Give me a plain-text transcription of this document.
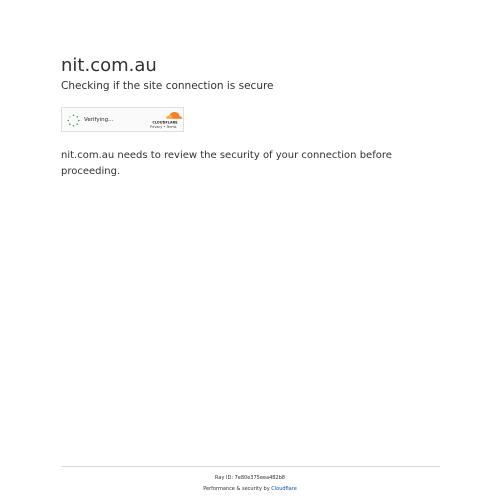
nit.com.au
Checking if the site connection is secure
Verifying...	CLOUDFLARE
Privacy • Terms

nit.com.au needs to review the security of your connection before proceeding.

Ray ID: 7e80e375eea482b8
Performance & security by Cloudflare
